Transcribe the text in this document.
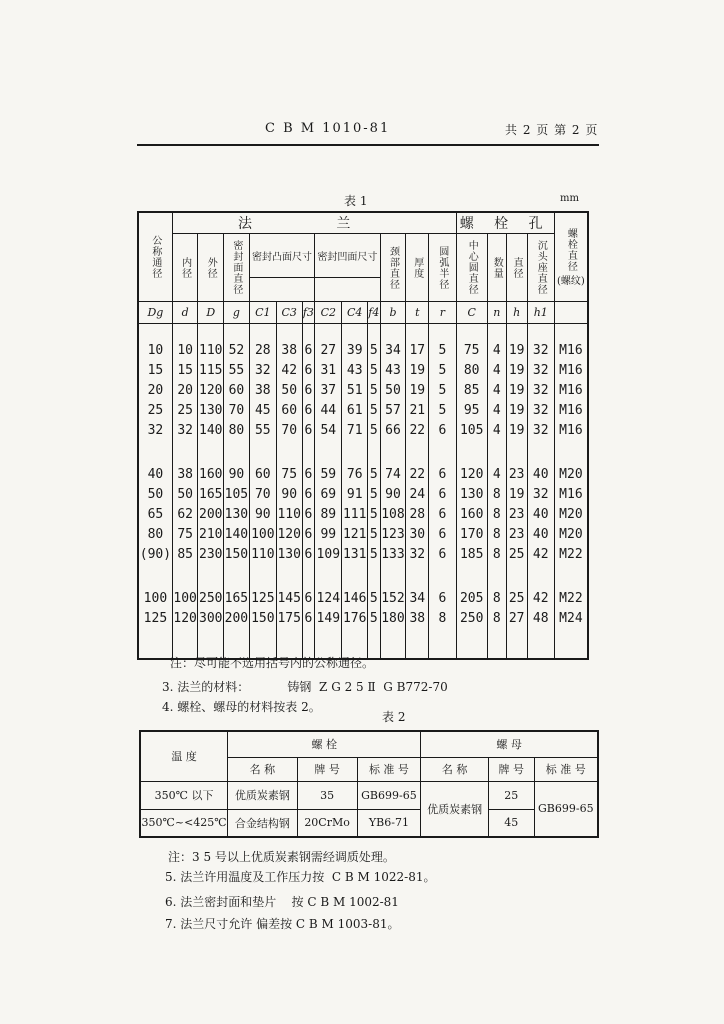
C B M 1010-81	共 2 页 第 2 页
表 1	mm
公称通径	法 兰												螺 栓 孔				螺栓直径
(螺纹)

	内径	外径	密封面直径	密封凸面尺寸			密封凹面尺寸			颈部直径	厚度	圆弧半径	中心圆直径	数量	直径	沉头座直径	

Dg	d	D	g	C1	C3	f3	C2	C4	f4	b	t	r	C	n	h	h1	

10	10	110	52	28	38	6	27	39	5	34	17	5	75	4	19	32	M16
15	15	115	55	32	42	6	31	43	5	43	19	5	80	4	19	32	M16
20	20	120	60	38	50	6	37	51	5	50	19	5	85	4	19	32	M16
25	25	130	70	45	60	6	44	61	5	57	21	5	95	4	19	32	M16
32	32	140	80	55	70	6	54	71	5	66	22	6	105	4	19	32	M16

40	38	160	90	60	75	6	59	76	5	74	22	6	120	4	23	40	M20
50	50	165	105	70	90	6	69	91	5	90	24	6	130	8	19	32	M16
65	62	200	130	90	110	6	89	111	5	108	28	6	160	8	23	40	M20
80	75	210	140	100	120	6	99	121	5	123	30	6	170	8	23	40	M20
(90)	85	230	150	110	130	6	109	131	5	133	32	6	185	8	25	42	M22

100	100	250	165	125	145	6	124	146	5	152	34	6	205	8	25	42	M22
125	120	300	200	150	175	6	149	176	5	180	38	8	250	8	27	48	M24

注：尽可能不选用括号内的公称通径。
3. 法兰的材料：          铸钢  Z G 2 5 Ⅱ  G B772-70
4. 螺栓、螺母的材料按表 2。
表 2
温 度	螺 栓			螺 母		
	名 称	牌 号	标 准 号	名 称	牌 号	标 准 号
350℃ 以下	优质炭素钢	35	GB699-65	优质炭素钢	25	GB699-65
350℃~<425℃	合金结构钢	20CrMo	YB6-71		45	
注：3 5 号以上优质炭素钢需经调质处理。
5. 法兰许用温度及工作压力按  C B M 1022-81。
6. 法兰密封面和垫片    按 C B M 1002-81
7. 法兰尺寸允许 偏差按 C B M 1003-81。
